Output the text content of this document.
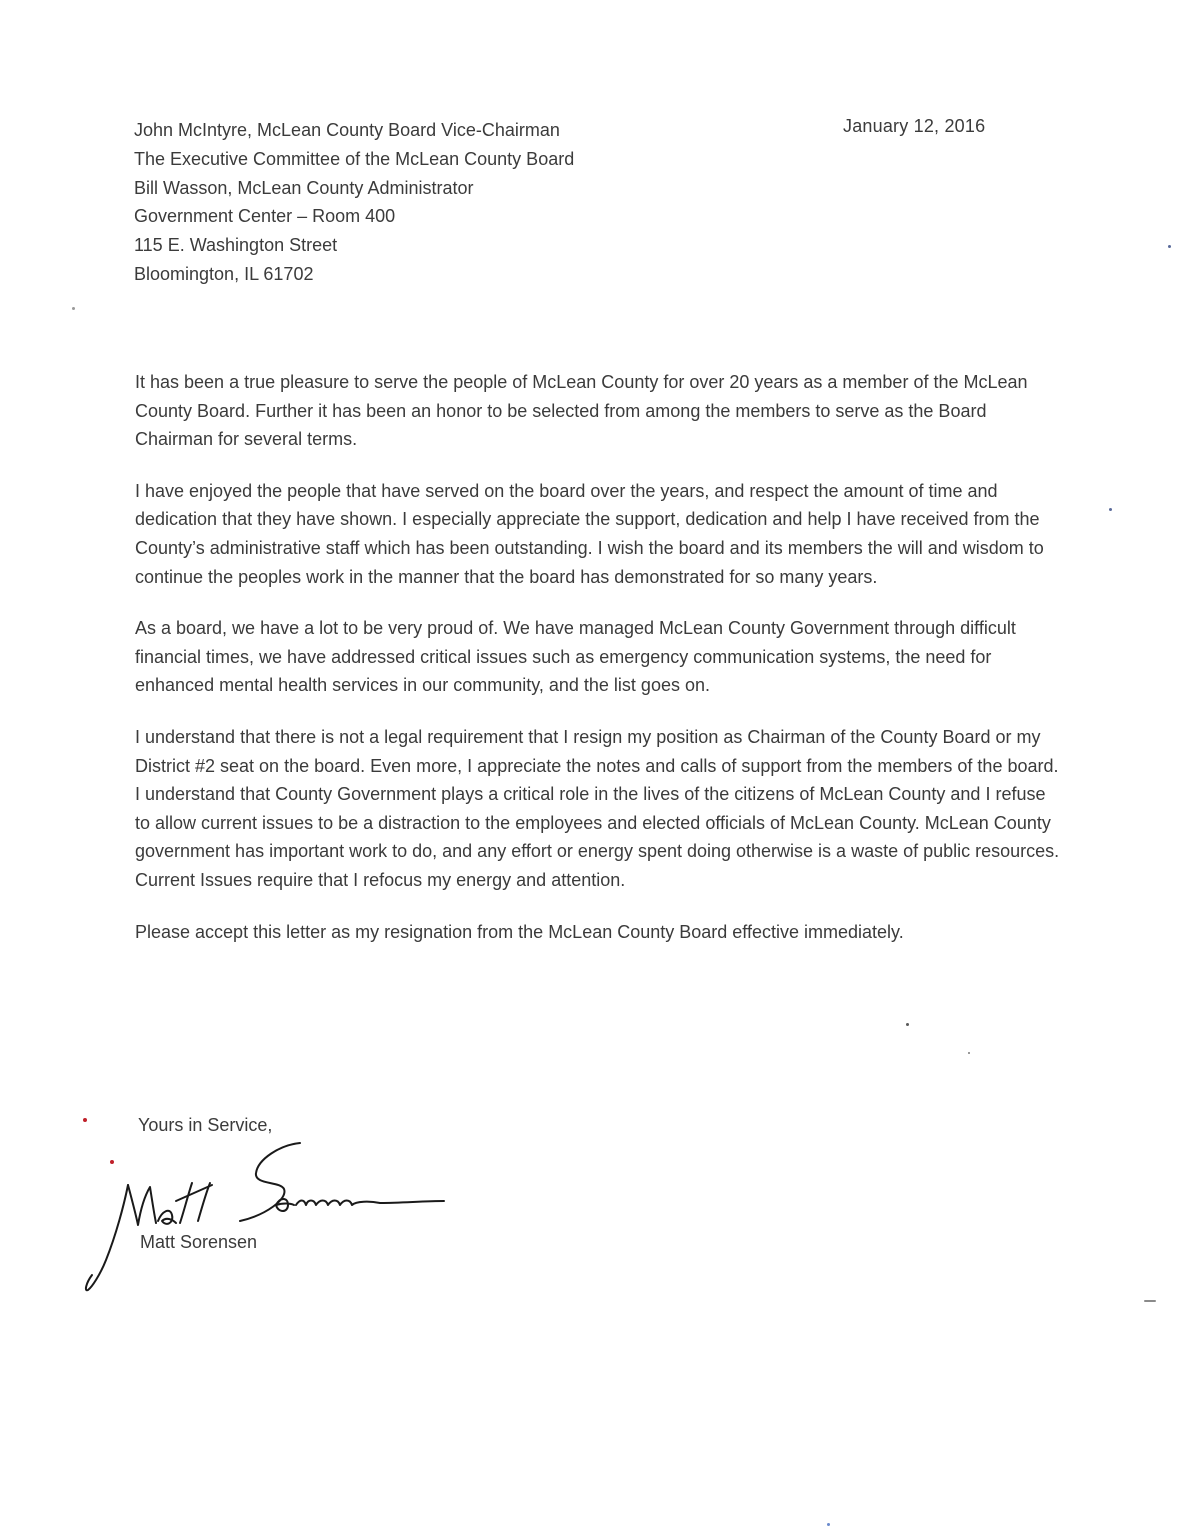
January 12, 2016
John McIntyre, McLean County Board Vice-Chairman
The Executive Committee of the McLean County Board
Bill Wasson, McLean County Administrator
Government Center – Room 400
115 E. Washington Street
Bloomington, IL 61702

It has been a true pleasure to serve the people of McLean County for over 20 years as a member of the McLean County Board. Further it has been an honor to be selected from among the members to serve as the Board Chairman for several terms.

I have enjoyed the people that have served on the board over the years, and respect the amount of time and dedication that they have shown. I especially appreciate the support, dedication and help I have received from the County’s administrative staff which has been outstanding. I wish the board and its members the will and wisdom to continue the peoples work in the manner that the board has demonstrated for so many years.

As a board, we have a lot to be very proud of. We have managed McLean County Government through difficult financial times, we have addressed critical issues such as emergency communication systems, the need for enhanced mental health services in our community, and the list goes on.

I understand that there is not a legal requirement that I resign my position as Chairman of the County Board or my District #2 seat on the board. Even more, I appreciate the notes and calls of support from the members of the board. I understand that County Government plays a critical role in the lives of the citizens of McLean County and I refuse to allow current issues to be a distraction to the employees and elected officials of McLean County. McLean County government has important work to do, and any effort or energy spent doing otherwise is a waste of public resources. Current Issues require that I refocus my energy and attention.

Please accept this letter as my resignation from the McLean County Board effective immediately.

Yours in Service,
Matt Sorensen
